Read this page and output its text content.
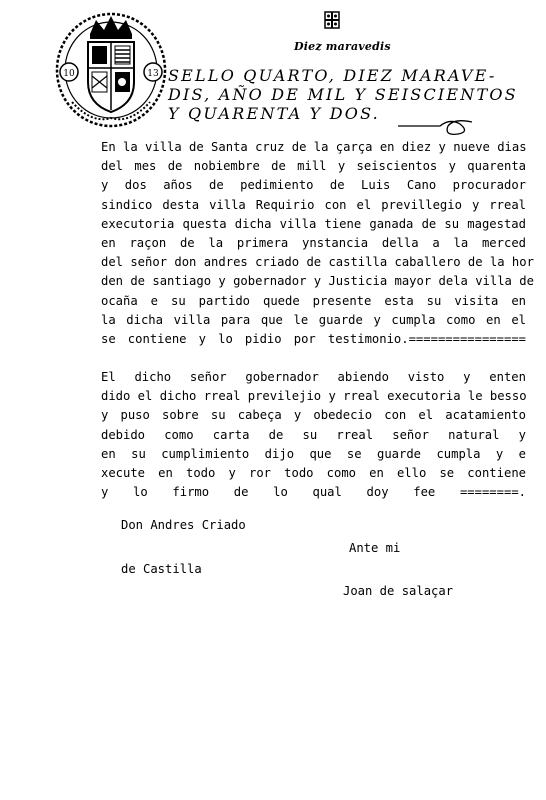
10	13
Diez maravedis
SELLO QUARTO, DIEZ MARAVE-
DIS, AÑO DE MIL Y SEISCIENTOS
Y QUARENTA Y DOS.
En la villa de Santa cruz de la çarça en diez y nueve dias
del mes de nobiembre de mill y seiscientos y quarenta
y dos años de pedimiento de Luis Cano procurador
sindico desta villa Requirio con el previllegio y rreal
executoria questa dicha villa tiene ganada de su magestad
en raçon de la primera ynstancia della a la merced
del señor don andres criado de castilla caballero de la hor
den de santiago y gobernador y Justicia mayor dela villa de
ocaña e su partido quede presente esta su visita en
la dicha villa para que le guarde y cumpla como en el
se contiene y lo pidio por testimonio.================
El dicho señor gobernador abiendo visto y enten
dido el dicho rreal previlejio y rreal executoria le besso
y puso sobre su cabeça y obedecio con el acatamiento
debido como carta de su rreal señor natural y
en su cumplimiento dijo que se guarde cumpla y e
xecute en todo y ror todo como en ello se contiene
y lo firmo de lo qual doy fee ========.
Don Andres Criado
Ante mi
de Castilla
Joan de salaçar
